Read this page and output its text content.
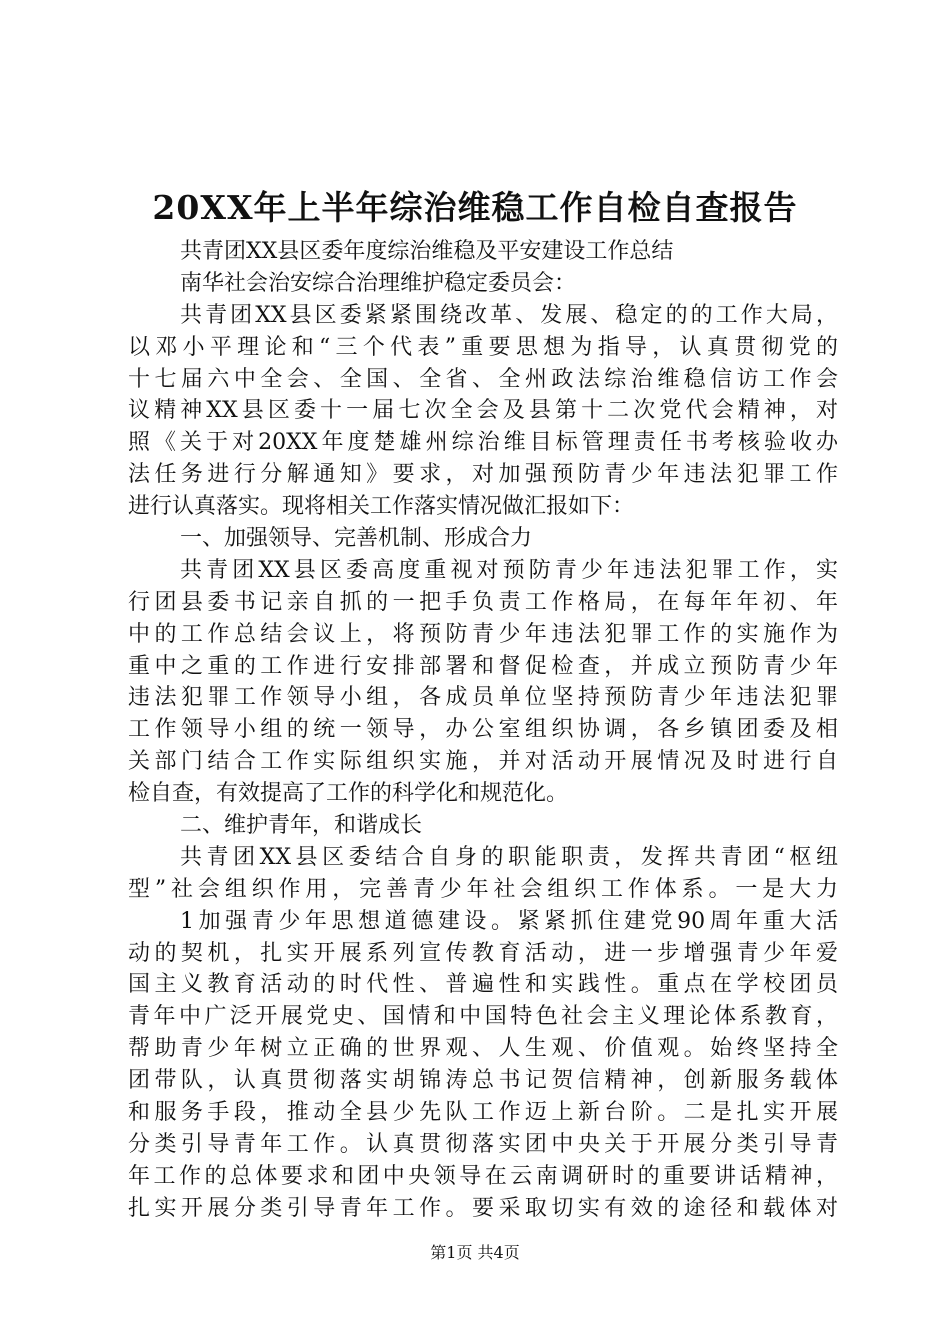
20XX年上半年综治维稳工作自检自查报告
共青团XX县区委年度综治维稳及平安建设工作总结
南华社会治安综合治理维护稳定委员会：
共青团XX县区委紧紧围绕改革、发展、稳定的的工作大局，
以邓小平理论和“三个代表”重要思想为指导，认真贯彻党的
十七届六中全会、全国、全省、全州政法综治维稳信访工作会
议精神XX县区委十一届七次全会及县第十二次党代会精神，对
照《关于对20XX年度楚雄州综治维目标管理责任书考核验收办
法任务进行分解通知》要求，对加强预防青少年违法犯罪工作
进行认真落实。现将相关工作落实情况做汇报如下：
一、加强领导、完善机制、形成合力
共青团XX县区委高度重视对预防青少年违法犯罪工作，实
行团县委书记亲自抓的一把手负责工作格局，在每年年初、年
中的工作总结会议上，将预防青少年违法犯罪工作的实施作为
重中之重的工作进行安排部署和督促检查，并成立预防青少年
违法犯罪工作领导小组，各成员单位坚持预防青少年违法犯罪
工作领导小组的统一领导，办公室组织协调，各乡镇团委及相
关部门结合工作实际组织实施，并对活动开展情况及时进行自
检自查，有效提高了工作的科学化和规范化。
二、维护青年，和谐成长
共青团XX县区委结合自身的职能职责，发挥共青团“枢纽
型”社会组织作用，完善青少年社会组织工作体系。一是大力
1加强青少年思想道德建设。紧紧抓住建党90周年重大活
动的契机，扎实开展系列宣传教育活动，进一步增强青少年爱
国主义教育活动的时代性、普遍性和实践性。重点在学校团员
青年中广泛开展党史、国情和中国特色社会主义理论体系教育，
帮助青少年树立正确的世界观、人生观、价值观。始终坚持全
团带队，认真贯彻落实胡锦涛总书记贺信精神，创新服务载体
和服务手段，推动全县少先队工作迈上新台阶。二是扎实开展
分类引导青年工作。认真贯彻落实团中央关于开展分类引导青
年工作的总体要求和团中央领导在云南调研时的重要讲话精神，
扎实开展分类引导青年工作。要采取切实有效的途径和载体对
第1页 共4页
